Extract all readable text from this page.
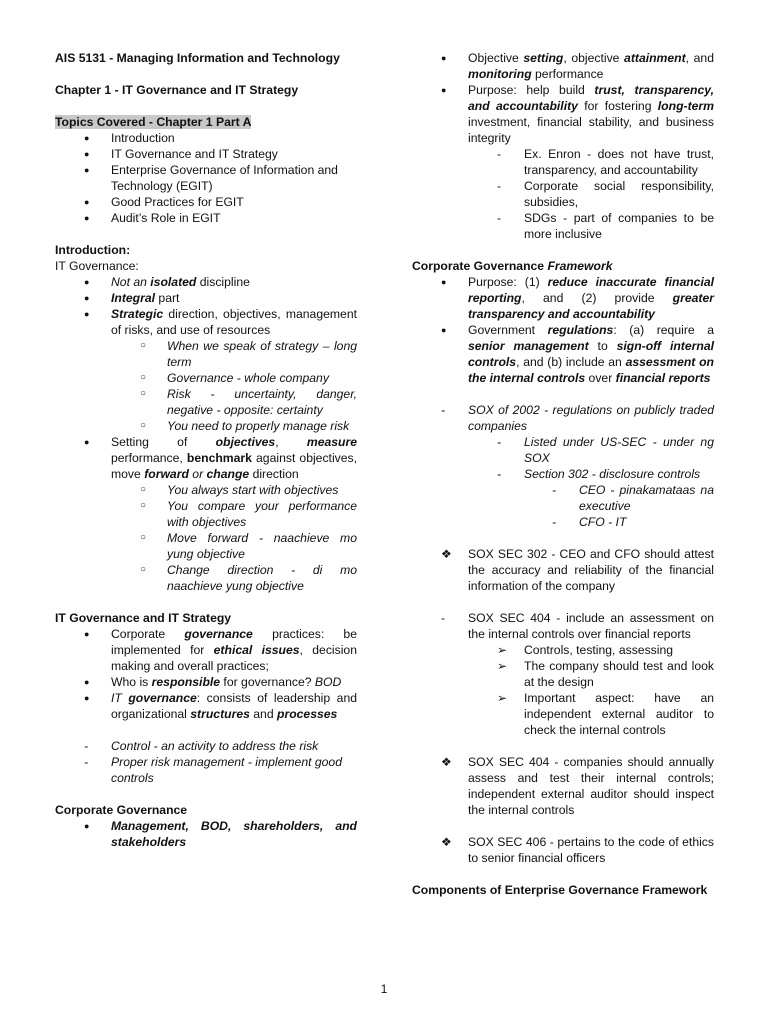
AIS 5131 - Managing Information and Technology
Chapter 1 - IT Governance and IT Strategy
Topics Covered - Chapter 1 Part A
● Introduction
● IT Governance and IT Strategy
● Enterprise Governance of Information and Technology (EGIT)
● Good Practices for EGIT
● Audit’s Role in EGIT
Introduction:
IT Governance:
● Not an isolated discipline
● Integral part
● Strategic direction, objectives, management of risks, and use of resources
○ When we speak of strategy – long term
○ Governance - whole company
○ Risk - uncertainty, danger, negative - opposite: certainty
○ You need to properly manage risk
● Setting of objectives, measure performance, benchmark against objectives, move forward or change direction
○ You always start with objectives
○ You compare your performance with objectives
○ Move forward - naachieve mo yung objective
○ Change direction - di mo naachieve yung objective
IT Governance and IT Strategy
● Corporate governance practices: be implemented for ethical issues, decision making and overall practices;
● Who is responsible for governance? BOD
● IT governance: consists of leadership and organizational structures and processes
- Control - an activity to address the risk
- Proper risk management - implement good controls
Corporate Governance
● Management, BOD, shareholders, and stakeholders
● Objective setting, objective attainment, and monitoring performance
● Purpose: help build trust, transparency, and accountability for fostering long-term investment, financial stability, and business integrity
- Ex. Enron - does not have trust, transparency, and accountability
- Corporate social responsibility, subsidies,
- SDGs - part of companies to be more inclusive
Corporate Governance Framework
● Purpose: (1) reduce inaccurate financial reporting, and (2) provide greater transparency and accountability
● Government regulations: (a) require a senior management to sign-off internal controls, and (b) include an assessment on the internal controls over financial reports
- SOX of 2002 - regulations on publicly traded companies
- Listed under US-SEC - under ng SOX
- Section 302 - disclosure controls
- CEO - pinakamataas na executive
- CFO - IT
❖ SOX SEC 302 - CEO and CFO should attest the accuracy and reliability of the financial information of the company
- SOX SEC 404 - include an assessment on the internal controls over financial reports
➢ Controls, testing, assessing
➢ The company should test and look at the design
➢ Important aspect: have an independent external auditor to check the internal controls
❖ SOX SEC 404 - companies should annually assess and test their internal controls; independent external auditor should inspect the internal controls
❖ SOX SEC 406 - pertains to the code of ethics to senior financial officers
Components of Enterprise Governance Framework
1
